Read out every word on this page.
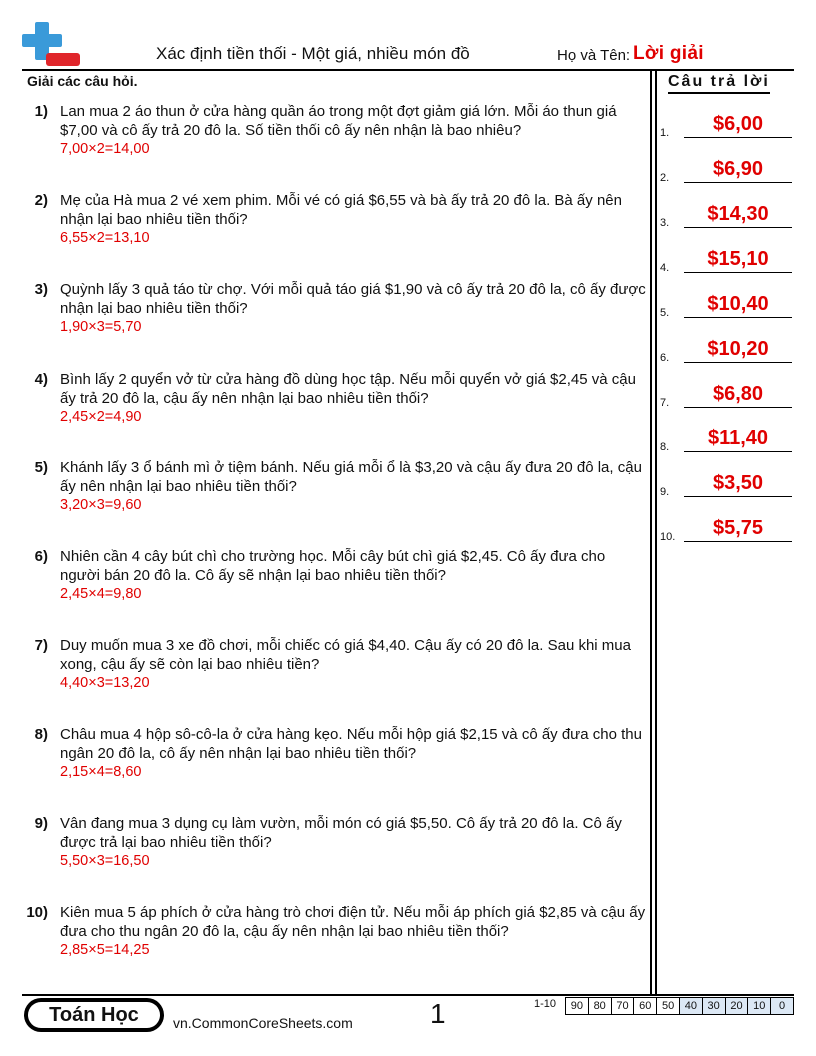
Xác định tiền thối - Một giá, nhiều món đồ	Họ và Tên: Lời giải
Giải các câu hỏi.
1) Lan mua 2 áo thun ở cửa hàng quần áo trong một đợt giảm giá lớn. Mỗi áo thun giá $7,00 và cô ấy trả 20 đô la. Số tiền thối cô ấy nên nhận là bao nhiêu?
7,00×2=14,00
2) Mẹ của Hà mua 2 vé xem phim. Mỗi vé có giá $6,55 và bà ấy trả 20 đô la. Bà ấy nên nhận lại bao nhiêu tiền thối?
6,55×2=13,10
3) Quỳnh lấy 3 quả táo từ chợ. Với mỗi quả táo giá $1,90 và cô ấy trả 20 đô la, cô ấy được nhận lại bao nhiêu tiền thối?
1,90×3=5,70
4) Bình lấy 2 quyển vở từ cửa hàng đồ dùng học tập. Nếu mỗi quyển vở giá $2,45 và cậu ấy trả 20 đô la, cậu ấy nên nhận lại bao nhiêu tiền thối?
2,45×2=4,90
5) Khánh lấy 3 ổ bánh mì ở tiệm bánh. Nếu giá mỗi ổ là $3,20 và cậu ấy đưa 20 đô la, cậu ấy nên nhận lại bao nhiêu tiền thối?
3,20×3=9,60
6) Nhiên cần 4 cây bút chì cho trường học. Mỗi cây bút chì giá $2,45. Cô ấy đưa cho người bán 20 đô la. Cô ấy sẽ nhận lại bao nhiêu tiền thối?
2,45×4=9,80
7) Duy muốn mua 3 xe đồ chơi, mỗi chiếc có giá $4,40. Cậu ấy có 20 đô la. Sau khi mua xong, cậu ấy sẽ còn lại bao nhiêu tiền?
4,40×3=13,20
8) Châu mua 4 hộp sô-cô-la ở cửa hàng kẹo. Nếu mỗi hộp giá $2,15 và cô ấy đưa cho thu ngân 20 đô la, cô ấy nên nhận lại bao nhiêu tiền thối?
2,15×4=8,60
9) Vân đang mua 3 dụng cụ làm vườn, mỗi món có giá $5,50. Cô ấy trả 20 đô la. Cô ấy được trả lại bao nhiêu tiền thối?
5,50×3=16,50
10) Kiên mua 5 áp phích ở cửa hàng trò chơi điện tử. Nếu mỗi áp phích giá $2,85 và cậu ấy đưa cho thu ngân 20 đô la, cậu ấy nên nhận lại bao nhiêu tiền thối?
2,85×5=14,25
Câu trả lời
1.	$6,00
2.	$6,90
3.	$14,30
4.	$15,10
5.	$10,40
6.	$10,20
7.	$6,80
8.	$11,40
9.	$3,50
10.	$5,75
Toán Học	vn.CommonCoreSheets.com	1	1-10	90 80 70 60 50 40 30 20 10	0
